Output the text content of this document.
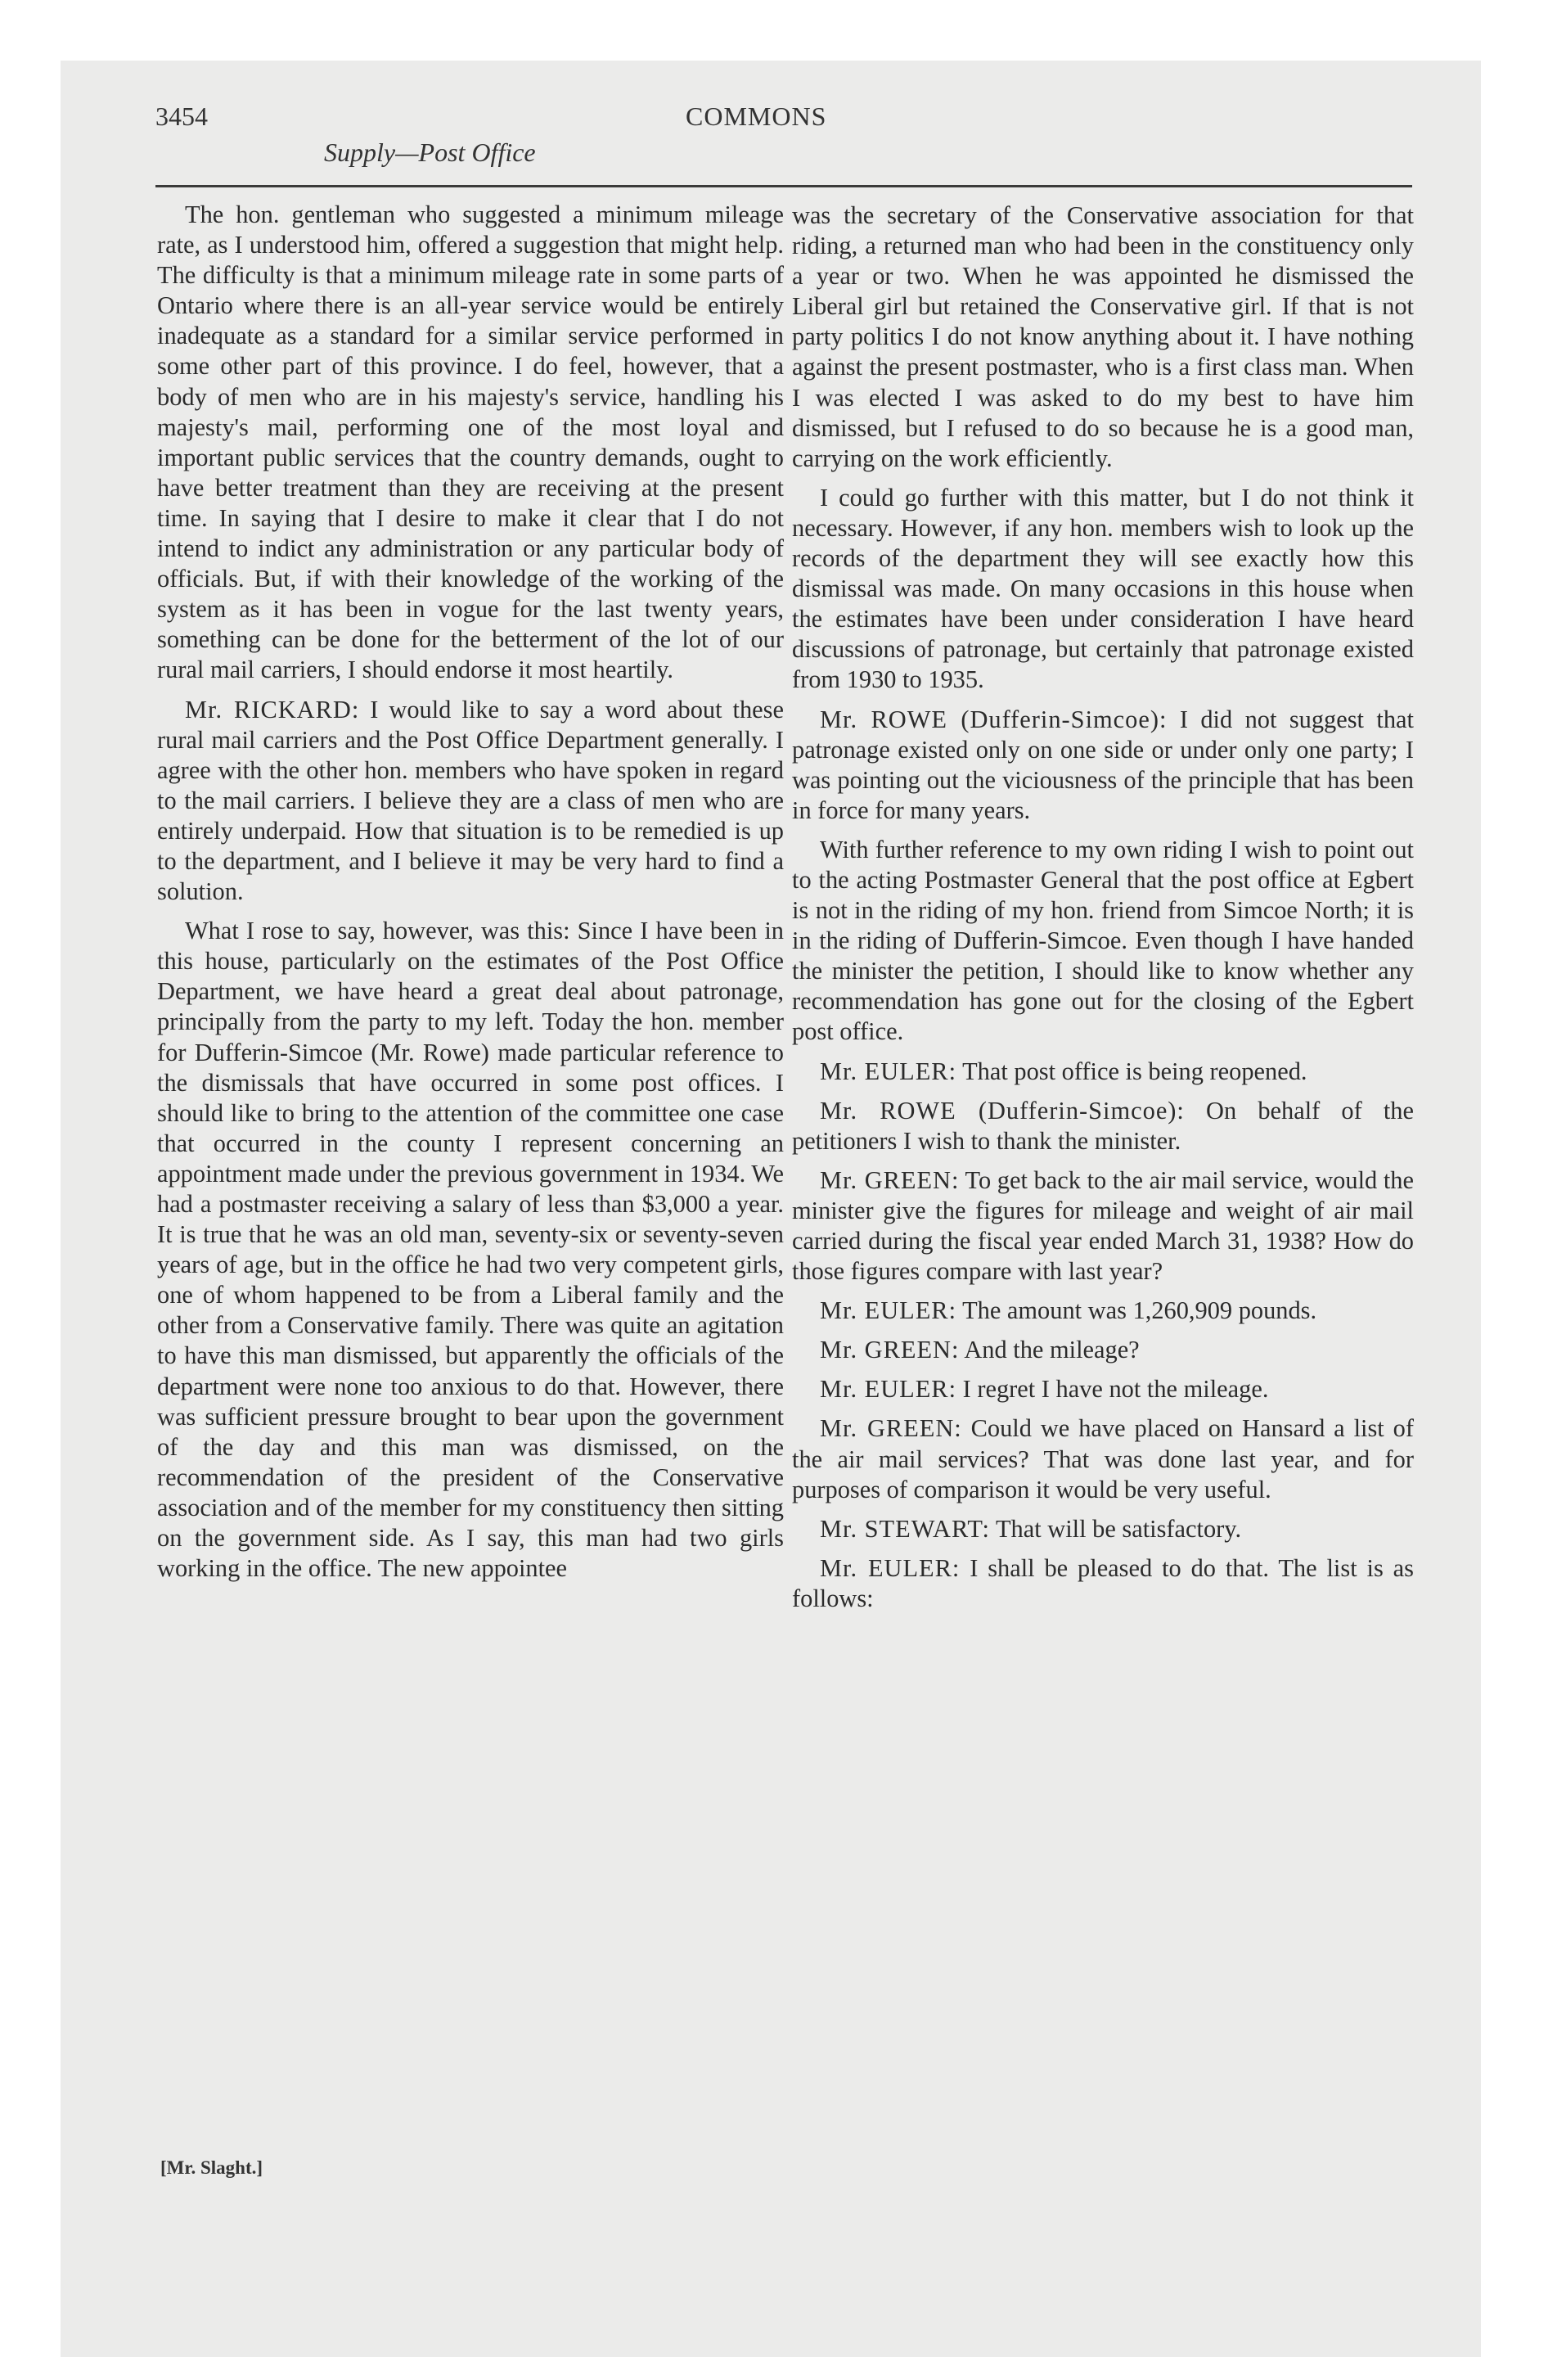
3454	COMMONS
Supply—Post Office

The hon. gentleman who suggested a minimum mileage rate, as I understood him, offered a suggestion that might help. The difficulty is that a minimum mileage rate in some parts of Ontario where there is an all-year service would be entirely inadequate as a standard for a similar service performed in some other part of this province. I do feel, however, that a body of men who are in his majesty's service, handling his majesty's mail, performing one of the most loyal and important public services that the country demands, ought to have better treatment than they are receiving at the present time. In saying that I desire to make it clear that I do not intend to indict any administration or any particular body of officials. But, if with their knowledge of the working of the system as it has been in vogue for the last twenty years, something can be done for the betterment of the lot of our rural mail carriers, I should endorse it most heartily.

Mr. RICKARD: I would like to say a word about these rural mail carriers and the Post Office Department generally. I agree with the other hon. members who have spoken in regard to the mail carriers. I believe they are a class of men who are entirely underpaid. How that situation is to be remedied is up to the department, and I believe it may be very hard to find a solution.

What I rose to say, however, was this: Since I have been in this house, particularly on the estimates of the Post Office Department, we have heard a great deal about patronage, principally from the party to my left. Today the hon. member for Dufferin-Simcoe (Mr. Rowe) made particular reference to the dismissals that have occurred in some post offices. I should like to bring to the attention of the committee one case that occurred in the county I represent concerning an appointment made under the previous government in 1934. We had a postmaster receiving a salary of less than $3,000 a year. It is true that he was an old man, seventy-six or seventy-seven years of age, but in the office he had two very competent girls, one of whom happened to be from a Liberal family and the other from a Conservative family. There was quite an agitation to have this man dismissed, but apparently the officials of the department were none too anxious to do that. However, there was sufficient pressure brought to bear upon the government of the day and this man was dismissed, on the recommendation of the president of the Conservative association and of the member for my constituency then sitting on the government side. As I say, this man had two girls working in the office. The new appointee

was the secretary of the Conservative association for that riding, a returned man who had been in the constituency only a year or two. When he was appointed he dismissed the Liberal girl but retained the Conservative girl. If that is not party politics I do not know anything about it. I have nothing against the present postmaster, who is a first class man. When I was elected I was asked to do my best to have him dismissed, but I refused to do so because he is a good man, carrying on the work efficiently.

I could go further with this matter, but I do not think it necessary. However, if any hon. members wish to look up the records of the department they will see exactly how this dismissal was made. On many occasions in this house when the estimates have been under consideration I have heard discussions of patronage, but certainly that patronage existed from 1930 to 1935.

Mr. ROWE (Dufferin-Simcoe): I did not suggest that patronage existed only on one side or under only one party; I was pointing out the viciousness of the principle that has been in force for many years.

With further reference to my own riding I wish to point out to the acting Postmaster General that the post office at Egbert is not in the riding of my hon. friend from Simcoe North; it is in the riding of Dufferin-Simcoe. Even though I have handed the minister the petition, I should like to know whether any recommendation has gone out for the closing of the Egbert post office.

Mr. EULER: That post office is being reopened.

Mr. ROWE (Dufferin-Simcoe): On behalf of the petitioners I wish to thank the minister.

Mr. GREEN: To get back to the air mail service, would the minister give the figures for mileage and weight of air mail carried during the fiscal year ended March 31, 1938? How do those figures compare with last year?

Mr. EULER: The amount was 1,260,909 pounds.

Mr. GREEN: And the mileage?

Mr. EULER: I regret I have not the mileage.

Mr. GREEN: Could we have placed on Hansard a list of the air mail services? That was done last year, and for purposes of comparison it would be very useful.

Mr. STEWART: That will be satisfactory.

Mr. EULER: I shall be pleased to do that. The list is as follows:

[Mr. Slaght.]
